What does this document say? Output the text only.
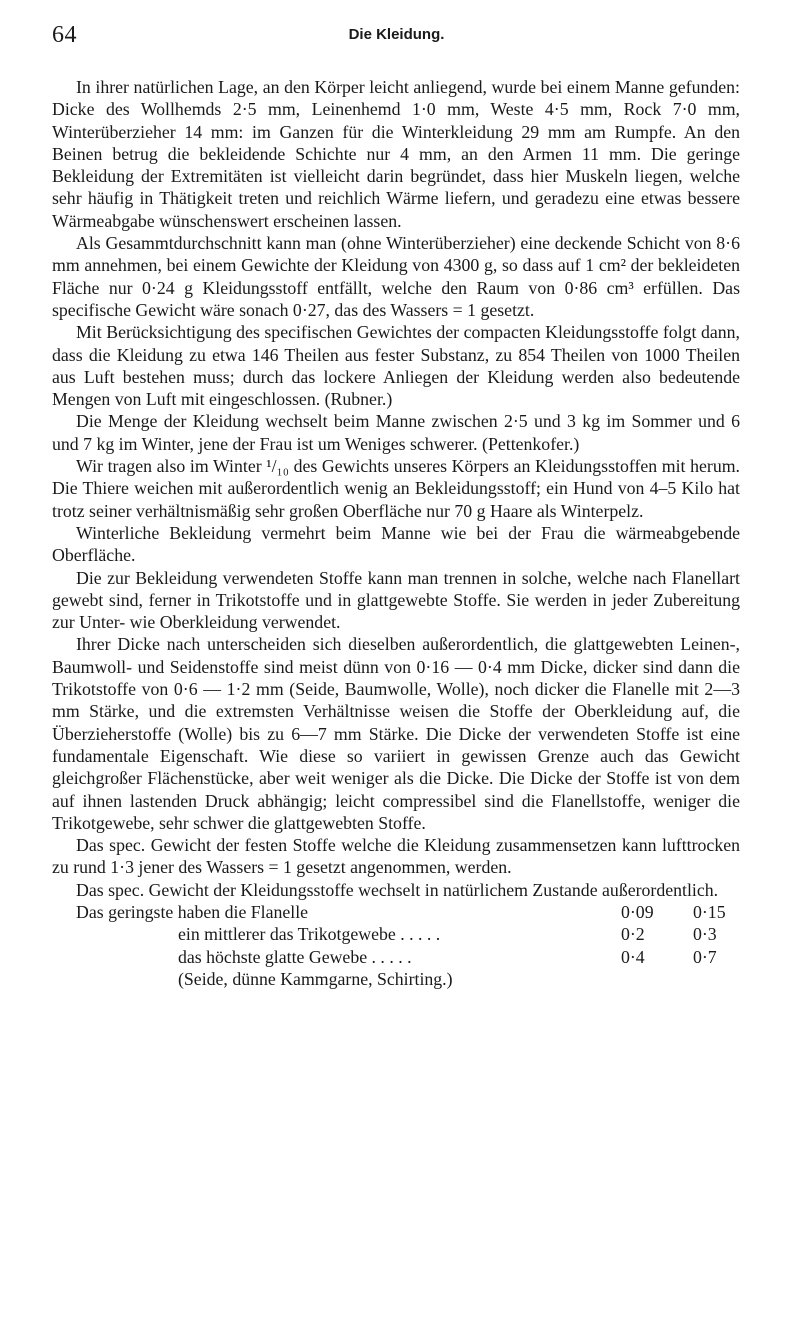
64	Die Kleidung.

In ihrer natürlichen Lage, an den Körper leicht anliegend, wurde bei einem Manne gefunden: Dicke des Wollhemds 2·5 mm, Leinenhemd 1·0 mm, Weste 4·5 mm, Rock 7·0 mm, Winterüberzieher 14 mm: im Ganzen für die Winterkleidung 29 mm am Rumpfe. An den Beinen betrug die bekleidende Schichte nur 4 mm, an den Armen 11 mm. Die geringe Bekleidung der Extremitäten ist vielleicht darin begründet, dass hier Muskeln liegen, welche sehr häufig in Thätigkeit treten und reichlich Wärme liefern, und geradezu eine etwas bessere Wärmeabgabe wünschenswert erscheinen lassen.

Als Gesammtdurchschnitt kann man (ohne Winterüberzieher) eine deckende Schicht von 8·6 mm annehmen, bei einem Gewichte der Kleidung von 4300 g, so dass auf 1 cm² der bekleideten Fläche nur 0·24 g Kleidungsstoff entfällt, welche den Raum von 0·86 cm³ erfüllen. Das specifische Gewicht wäre sonach 0·27, das des Wassers = 1 gesetzt.

Mit Berücksichtigung des specifischen Gewichtes der compacten Kleidungsstoffe folgt dann, dass die Kleidung zu etwa 146 Theilen aus fester Substanz, zu 854 Theilen von 1000 Theilen aus Luft bestehen muss; durch das lockere Anliegen der Kleidung werden also bedeutende Mengen von Luft mit eingeschlossen. (Rubner.)

Die Menge der Kleidung wechselt beim Manne zwischen 2·5 und 3 kg im Sommer und 6 und 7 kg im Winter, jene der Frau ist um Weniges schwerer. (Pettenkofer.)

Wir tragen also im Winter ¹/₁₀ des Gewichts unseres Körpers an Kleidungsstoffen mit herum. Die Thiere weichen mit außerordentlich wenig an Bekleidungsstoff; ein Hund von 4–5 Kilo hat trotz seiner verhältnismäßig sehr großen Oberfläche nur 70 g Haare als Winterpelz.

Winterliche Bekleidung vermehrt beim Manne wie bei der Frau die wärmeabgebende Oberfläche.

Die zur Bekleidung verwendeten Stoffe kann man trennen in solche, welche nach Flanellart gewebt sind, ferner in Trikotstoffe und in glattgewebte Stoffe. Sie werden in jeder Zubereitung zur Unter- wie Oberkleidung verwendet.

Ihrer Dicke nach unterscheiden sich dieselben außerordentlich, die glattgewebten Leinen-, Baumwoll- und Seidenstoffe sind meist dünn von 0·16 — 0·4 mm Dicke, dicker sind dann die Trikotstoffe von 0·6 — 1·2 mm (Seide, Baumwolle, Wolle), noch dicker die Flanelle mit 2—3 mm Stärke, und die extremsten Verhältnisse weisen die Stoffe der Oberkleidung auf, die Überzieherstoffe (Wolle) bis zu 6—7 mm Stärke. Die Dicke der verwendeten Stoffe ist eine fundamentale Eigenschaft. Wie diese so variiert in gewissen Grenze auch das Gewicht gleichgroßer Flächenstücke, aber weit weniger als die Dicke. Die Dicke der Stoffe ist von dem auf ihnen lastenden Druck abhängig; leicht compressibel sind die Flanellstoffe, weniger die Trikotgewebe, sehr schwer die glattgewebten Stoffe.

Das spec. Gewicht der festen Stoffe welche die Kleidung zusammensetzen kann lufttrocken zu rund 1·3 jener des Wassers = 1 gesetzt angenommen, werden.

Das spec. Gewicht der Kleidungsstoffe wechselt in natürlichem Zustande außerordentlich.

Das geringste haben die Flanelle	0·09	0·15
ein mittlerer das Trikotgewebe . . . . .	0·2	0·3
das höchste glatte Gewebe . . . . .	0·4	0·7
(Seide, dünne Kammgarne, Schirting.)
